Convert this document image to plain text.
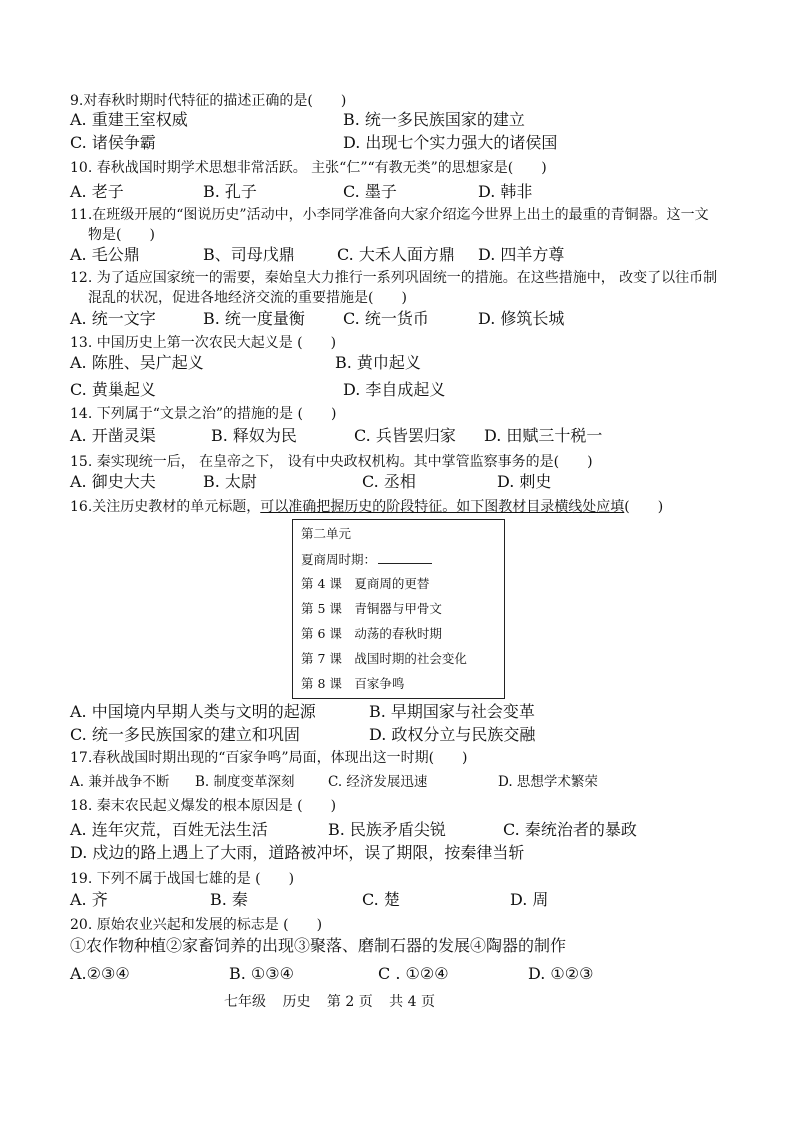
9.对春秋时期时代特征的描述正确的是(　　)
A. 重建王室权威	B. 统一多民族国家的建立
C. 诸侯争霸	D. 出现七个实力强大的诸侯国
10. 春秋战国时期学术思想非常活跃。 主张“仁”“有教无类”的思想家是(　　)
A. 老子	B. 孔子	C. 墨子	D. 韩非
11.在班级开展的“图说历史”活动中，小李同学准备向大家介绍迄今世界上出土的最重的青铜器。这一文
物是(　　)
A. 毛公鼎	B、司母戊鼎	C. 大禾人面方鼎 D. 四羊方尊
12. 为了适应国家统一的需要，秦始皇大力推行一系列巩固统一的措施。在这些措施中， 改变了以往币制
混乱的状况，促进各地经济交流的重要措施是(　　)
A. 统一文字	B. 统一度量衡 C. 统一货币	D. 修筑长城
13. 中国历史上第一次农民大起义是 (　　)
A. 陈胜、吴广起义	B. 黄巾起义
C. 黄巢起义	D. 李自成起义
14. 下列属于“文景之治”的措施的是 (　　)
A. 开凿灵渠	B. 释奴为民	C. 兵皆罢归家 D. 田赋三十税一
15. 秦实现统一后， 在皇帝之下， 设有中央政权机构。其中掌管监察事务的是(　　)
A. 御史大夫	B. 太尉	C. 丞相	D. 刺史
16.关注历史教材的单元标题，可以准确把握历史的阶段特征。如下图教材目录横线处应填(　　)
第二单元
夏商周时期：
第 4 课　夏商周的更替
第 5 课　青铜器与甲骨文
第 6 课　动荡的春秋时期
第 7 课　战国时期的社会变化
第 8 课　百家争鸣
A. 中国境内早期人类与文明的起源	B. 早期国家与社会变革
C. 统一多民族国家的建立和巩固	D. 政权分立与民族交融
17.春秋战国时期出现的“百家争鸣”局面，体现出这一时期(　　)
A. 兼并战争不断 B. 制度变革深刻 C. 经济发展迅速	D. 思想学术繁荣
18. 秦末农民起义爆发的根本原因是 (　　)
A. 连年灾荒，百姓无法生活	B. 民族矛盾尖锐	C. 秦统治者的暴政
D. 戍边的路上遇上了大雨，道路被冲坏，误了期限，按秦律当斩
19. 下列不属于战国七雄的是 (　　)
A. 齐	B. 秦	C. 楚	D. 周
20. 原始农业兴起和发展的标志是 (　　)
①农作物种植②家畜饲养的出现③聚落、磨制石器的发展④陶器的制作
A.②③④	B. ①③④	C . ①②④	D. ①②③
七年级 历史 第 2 页 共 4 页
